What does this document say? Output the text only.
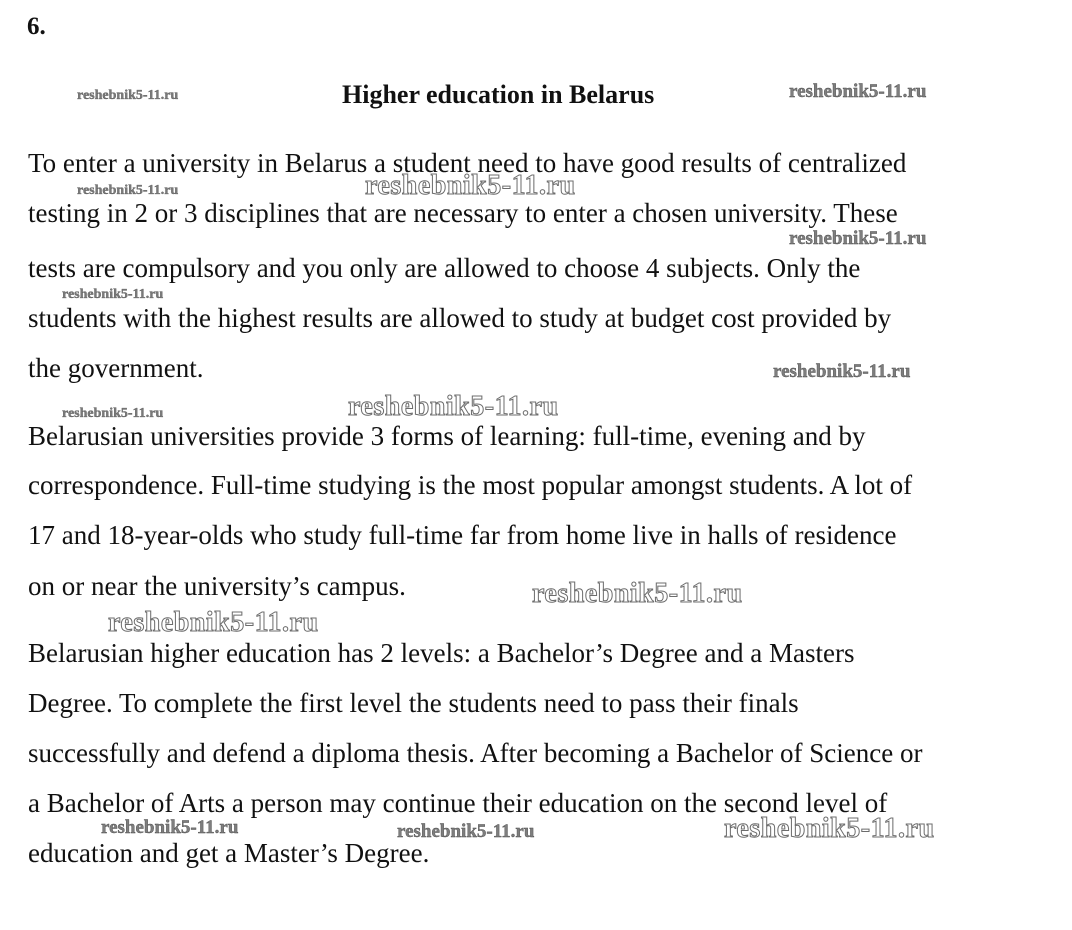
6.
Higher education in Belarus
To enter a university in Belarus a student need to have good results of centralized
testing in 2 or 3 disciplines that are necessary to enter a chosen university. These
tests are compulsory and you only are allowed to choose 4 subjects. Only the
students with the highest results are allowed to study at budget cost provided by
the government.
Belarusian universities provide 3 forms of learning: full-time, evening and by
correspondence. Full-time studying is the most popular amongst students. A lot of
17 and 18-year-olds who study full-time far from home live in halls of residence
on or near the university’s campus.
Belarusian higher education has 2 levels: a Bachelor’s Degree and a Masters
Degree. To complete the first level the students need to pass their finals
successfully and defend a diploma thesis. After becoming a Bachelor of Science or
a Bachelor of Arts a person may continue their education on the second level of
education and get a Master’s Degree.
reshebnik5-11.ru	reshebnik5-11.ru
reshebnik5-11.ru	reshebnik5-11.ru
reshebnik5-11.ru
reshebnik5-11.ru
reshebnik5-11.ru
reshebnik5-11.ru	reshebnik5-11.ru
reshebnik5-11.ru
reshebnik5-11.ru
reshebnik5-11.ru	reshebnik5-11.ru	reshebnik5-11.ru
